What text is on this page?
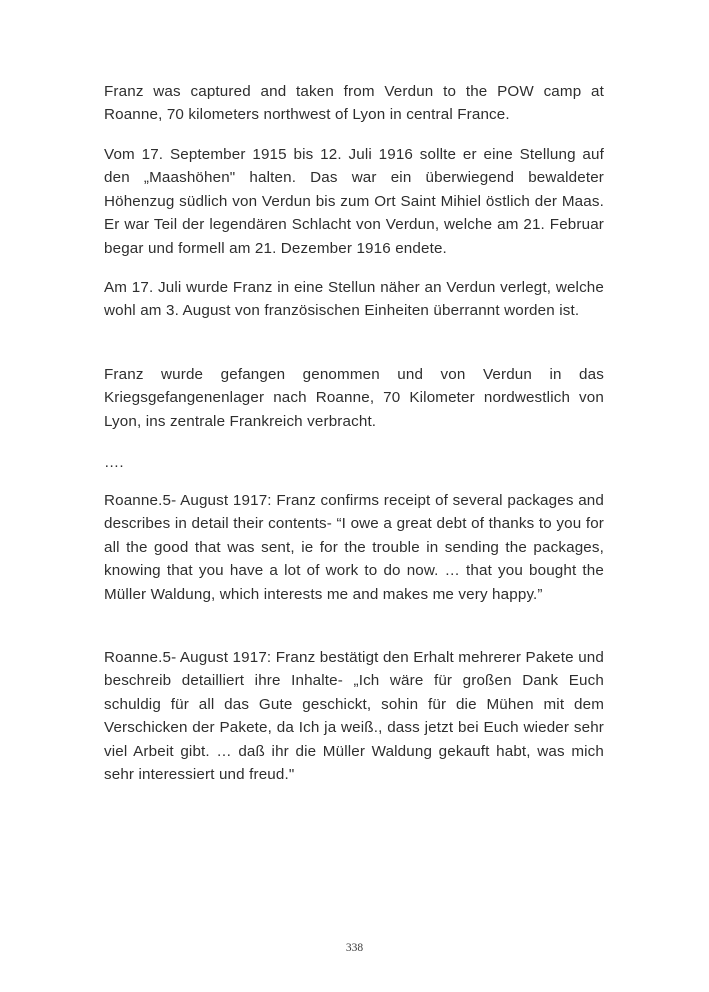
Franz was captured and taken from Verdun to the POW camp at Roanne, 70 kilometers northwest of Lyon in central France.

Vom 17. September 1915 bis 12. Juli 1916 sollte er eine Stellung auf den „Maashöhen" halten. Das war ein überwiegend bewaldeter Höhenzug südlich von Verdun bis zum Ort Saint Mihiel östlich der Maas. Er war Teil der legendären Schlacht von Verdun, welche am 21. Februar begar und formell am 21. Dezember 1916 endete.

Am 17. Juli wurde Franz in eine Stellun näher an Verdun verlegt, welche wohl am 3. August von französischen Einheiten überrannt worden ist.

Franz wurde gefangen genommen und von Verdun in das Kriegsgefangenenlager nach Roanne, 70 Kilometer nordwestlich von Lyon, ins zentrale Frankreich verbracht.

….

Roanne.5- August 1917: Franz confirms receipt of several packages and describes in detail their contents- “I owe a great debt of thanks to you for all the good that was sent, ie for the trouble in sending the packages, knowing that you have a lot of work to do now. … that you bought the Müller Waldung, which interests me and makes me very happy.”

Roanne.5- August 1917: Franz bestätigt den Erhalt mehrerer Pakete und beschreib detailliert ihre Inhalte- „Ich wäre für großen Dank Euch schuldig für all das Gute geschickt, sohin für die Mühen mit dem Verschicken der Pakete, da Ich ja weiß., dass jetzt bei Euch wieder sehr viel Arbeit gibt. … daß ihr die Müller Waldung gekauft habt, was mich sehr interessiert und freud."

338
